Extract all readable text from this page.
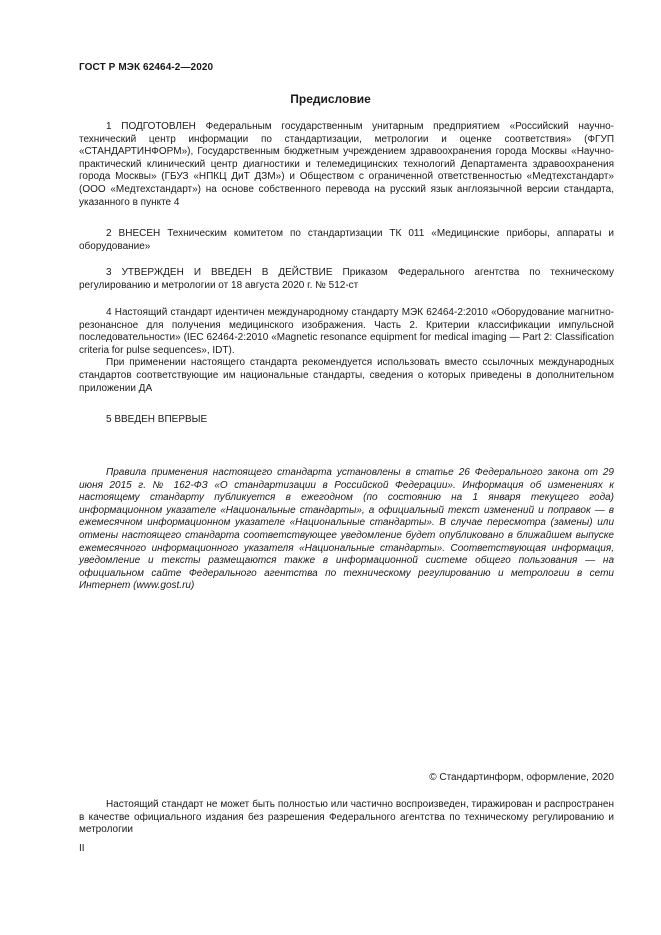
ГОСТ Р МЭК 62464-2—2020
Предисловие

1 ПОДГОТОВЛЕН Федеральным государственным унитарным предприятием «Российский научно-технический центр информации по стандартизации, метрологии и оценке соответствия» (ФГУП «СТАНДАРТИНФОРМ»), Государственным бюджетным учреждением здравоохранения города Москвы «Научно-практический клинический центр диагностики и телемедицинских технологий Департамента здравоохранения города Москвы» (ГБУЗ «НПКЦ ДиТ ДЗМ») и Обществом с ограниченной ответственностью «Медтехстандарт» (ООО «Медтехстандарт») на основе собственного перевода на русский язык англоязычной версии стандарта, указанного в пункте 4

2 ВНЕСЕН Техническим комитетом по стандартизации ТК 011 «Медицинские приборы, аппараты и оборудование»

3 УТВЕРЖДЕН И ВВЕДЕН В ДЕЙСТВИЕ Приказом Федерального агентства по техническому регулированию и метрологии от 18 августа 2020 г. № 512-ст

4 Настоящий стандарт идентичен международному стандарту МЭК 62464-2:2010 «Оборудование магнитно-резонансное для получения медицинского изображения. Часть 2. Критерии классификации импульсной последовательности» (IEC 62464-2:2010 «Magnetic resonance equipment for medical imaging — Part 2: Classification criteria for pulse sequences», IDT).

При применении настоящего стандарта рекомендуется использовать вместо ссылочных международных стандартов соответствующие им национальные стандарты, сведения о которых приведены в дополнительном приложении ДА

5 ВВЕДЕН ВПЕРВЫЕ

Правила применения настоящего стандарта установлены в статье 26 Федерального закона от 29 июня 2015 г. № 162-ФЗ «О стандартизации в Российской Федерации». Информация об изменениях к настоящему стандарту публикуется в ежегодном (по состоянию на 1 января текущего года) информационном указателе «Национальные стандарты», а официальный текст изменений и поправок — в ежемесячном информационном указателе «Национальные стандарты». В случае пересмотра (замены) или отмены настоящего стандарта соответствующее уведомление будет опубликовано в ближайшем выпуске ежемесячного информационного указателя «Национальные стандарты». Соответствующая информация, уведомление и тексты размещаются также в информационной системе общего пользования — на официальном сайте Федерального агентства по техническому регулированию и метрологии в сети Интернет (www.gost.ru)

© Стандартинформ, оформление, 2020

Настоящий стандарт не может быть полностью или частично воспроизведен, тиражирован и распространен в качестве официального издания без разрешения Федерального агентства по техническому регулированию и метрологии

II
